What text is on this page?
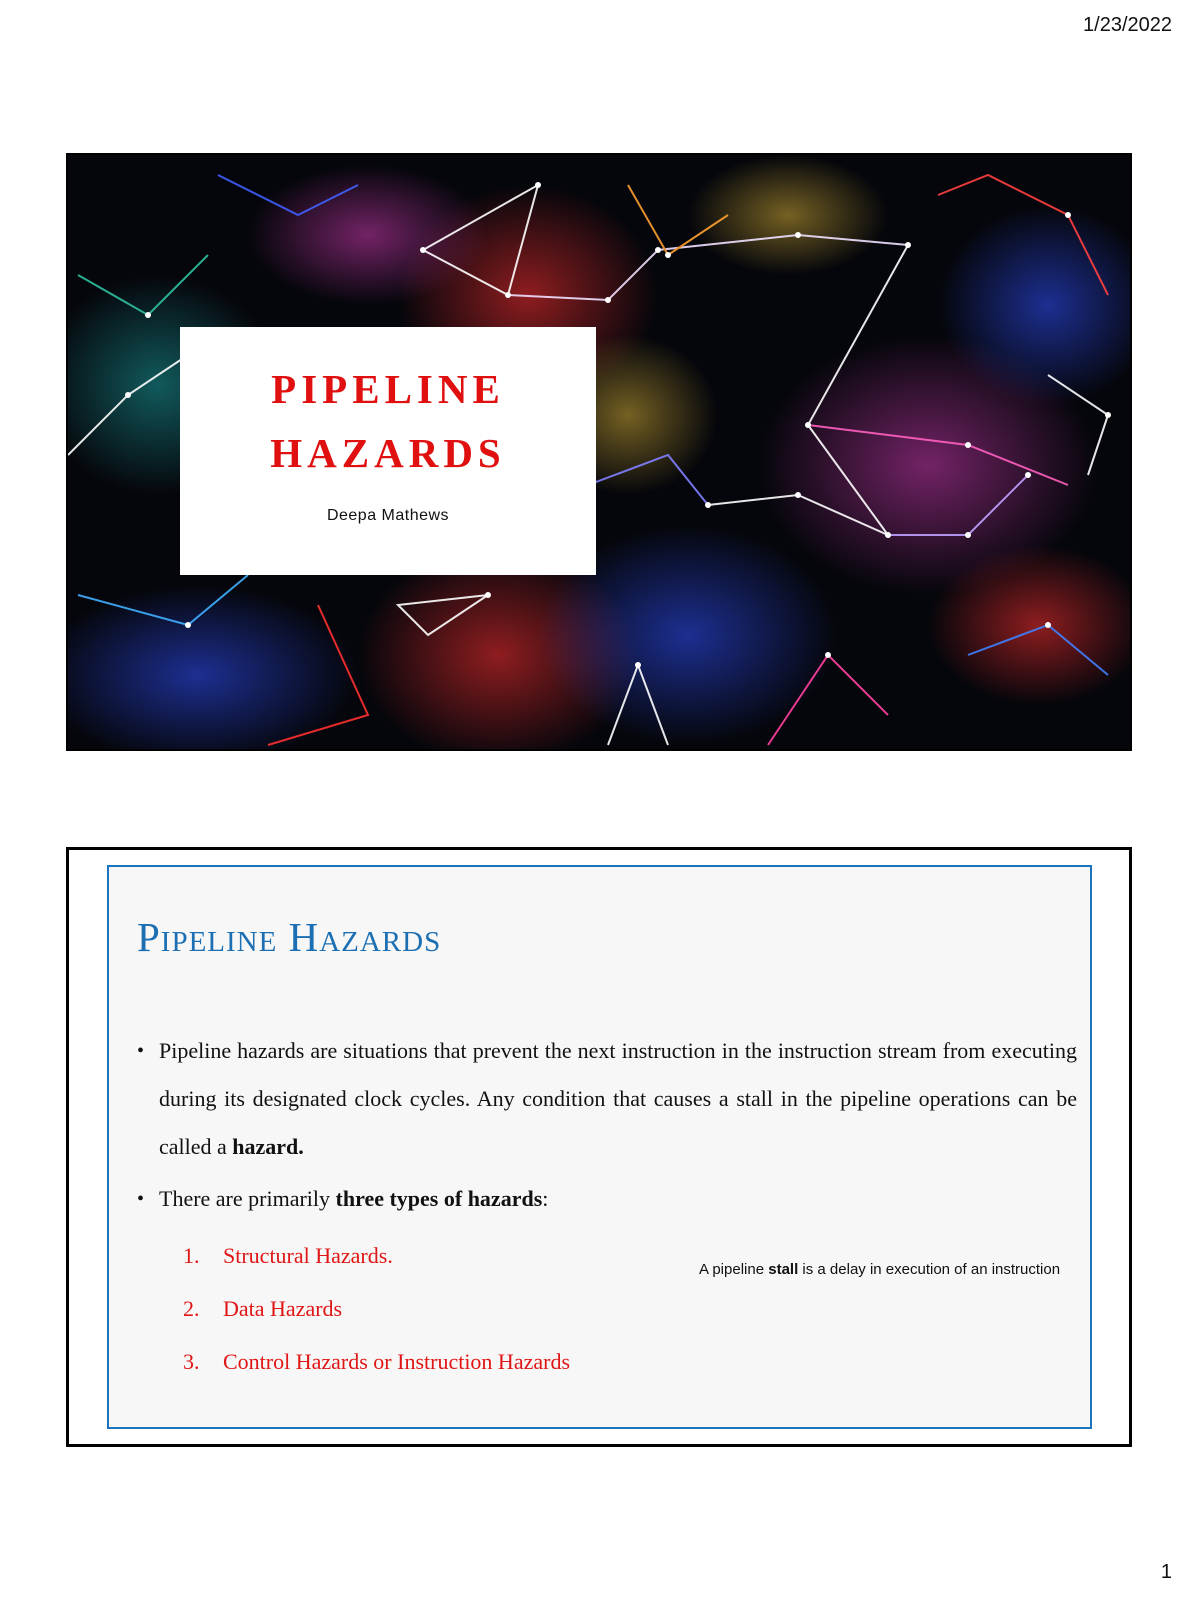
1/23/2022
PIPELINE
HAZARDS
Deepa Mathews
Pipeline Hazards
• Pipeline hazards are situations that prevent the next instruction in the instruction stream from executing during its designated clock cycles. Any condition that causes a stall in the pipeline operations can be called a hazard.
• There are primarily three types of hazards:
1. Structural Hazards.
2. Data Hazards
3. Control Hazards or Instruction Hazards
A pipeline stall is a delay in execution of an instruction
1
